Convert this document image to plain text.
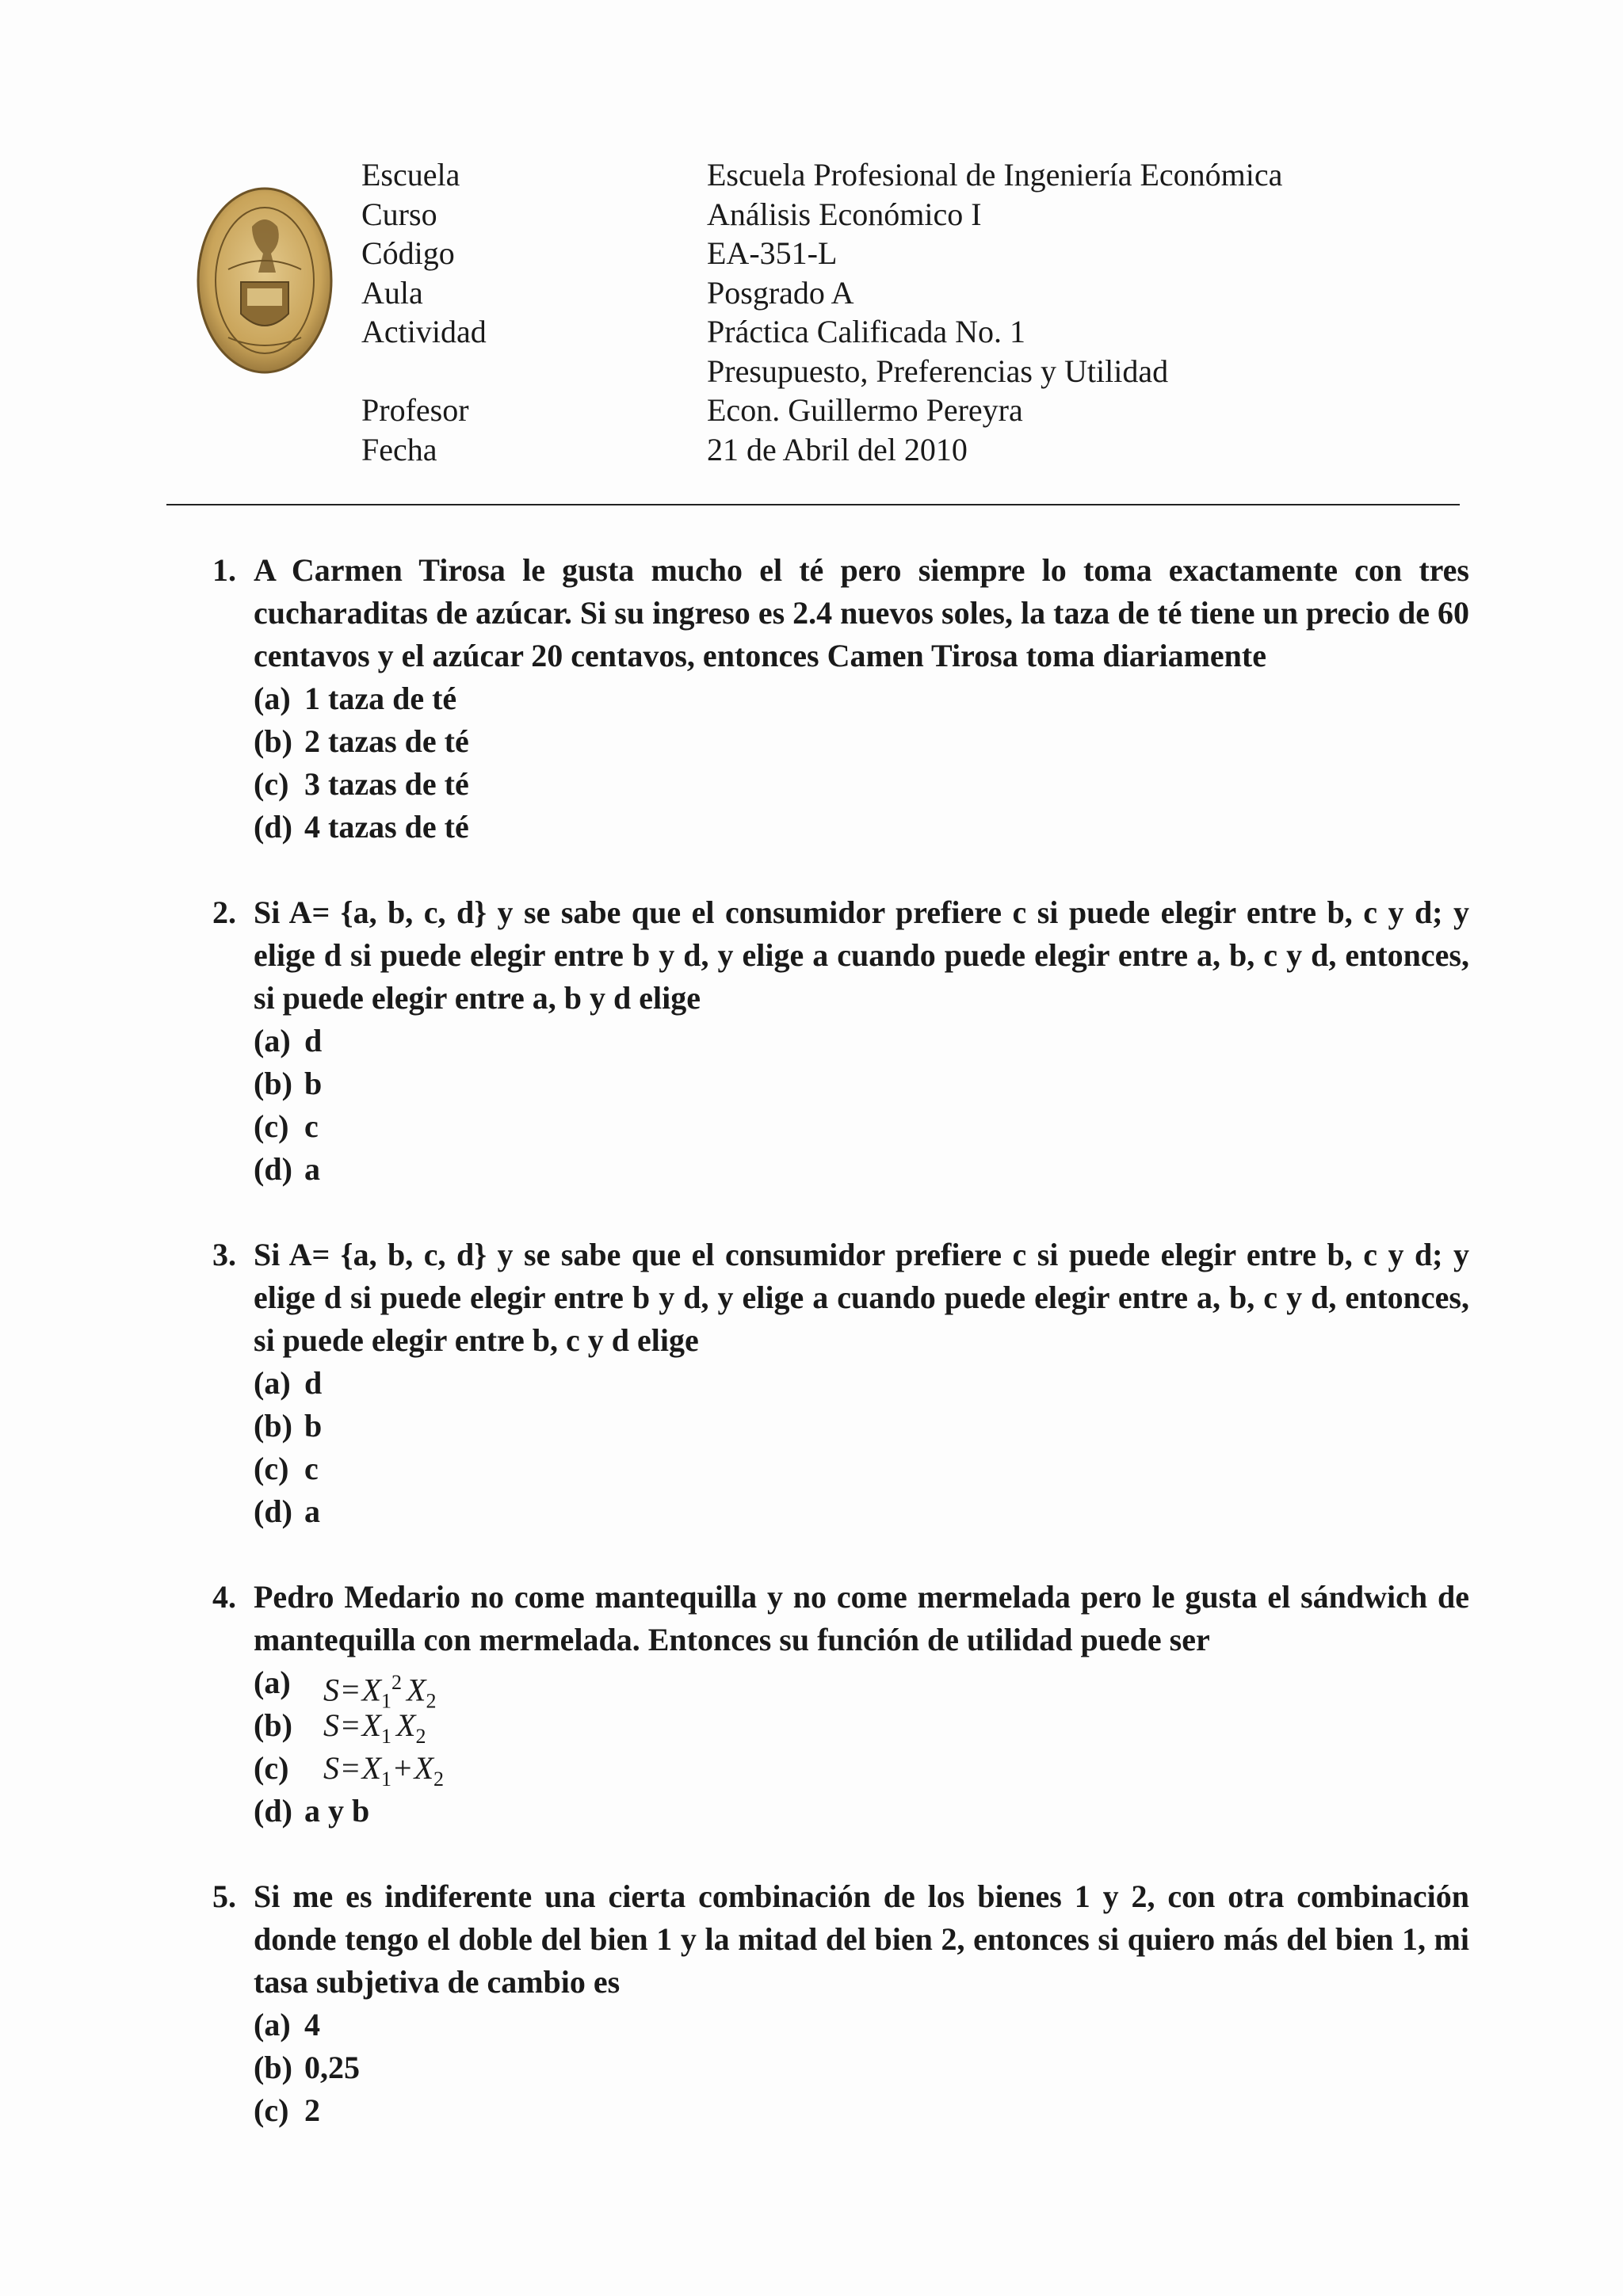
Escuela	Escuela Profesional de Ingeniería Económica
Curso	Análisis Económico I
Código	EA-351-L
Aula	Posgrado A
Actividad	Práctica Calificada No. 1
Presupuesto, Preferencias y Utilidad
Profesor	Econ. Guillermo Pereyra
Fecha	21 de Abril del 2010
1. A Carmen Tirosa le gusta mucho el té pero siempre lo toma exactamente con tres cucharaditas de azúcar. Si su ingreso es 2.4 nuevos soles, la taza de té tiene un precio de 60 centavos y el azúcar 20 centavos, entonces Camen Tirosa toma diariamente
(a) 1 taza de té
(b) 2 tazas de té
(c) 3 tazas de té
(d) 4 tazas de té
2. Si A= {a, b, c, d} y se sabe que el consumidor prefiere c si puede elegir entre b, c y d; y elige d si puede elegir entre b y d, y elige a cuando puede elegir entre a, b, c y d, entonces, si puede elegir entre a, b y d elige
(a) d
(b) b
(c) c
(d) a
3. Si A= {a, b, c, d} y se sabe que el consumidor prefiere c si puede elegir entre b, c y d; y elige d si puede elegir entre b y d, y elige a cuando puede elegir entre a, b, c y d, entonces, si puede elegir entre b, c y d elige
(a) d
(b) b
(c) c
(d) a
4. Pedro Medario no come mantequilla y no come mermelada pero le gusta el sándwich de mantequilla con mermelada. Entonces su función de utilidad puede ser
(a)	$S=X_1^2$ $X_2$
(b) $S=X_1$ $X_2$
(c)	$S=X_1+X_2$
(d) a y b
5. Si me es indiferente una cierta combinación de los bienes 1 y 2, con otra combinación donde tengo el doble del bien 1 y la mitad del bien 2, entonces si quiero más del bien 1, mi tasa subjetiva de cambio es
(a) 4
(b) 0,25
(c) 2
